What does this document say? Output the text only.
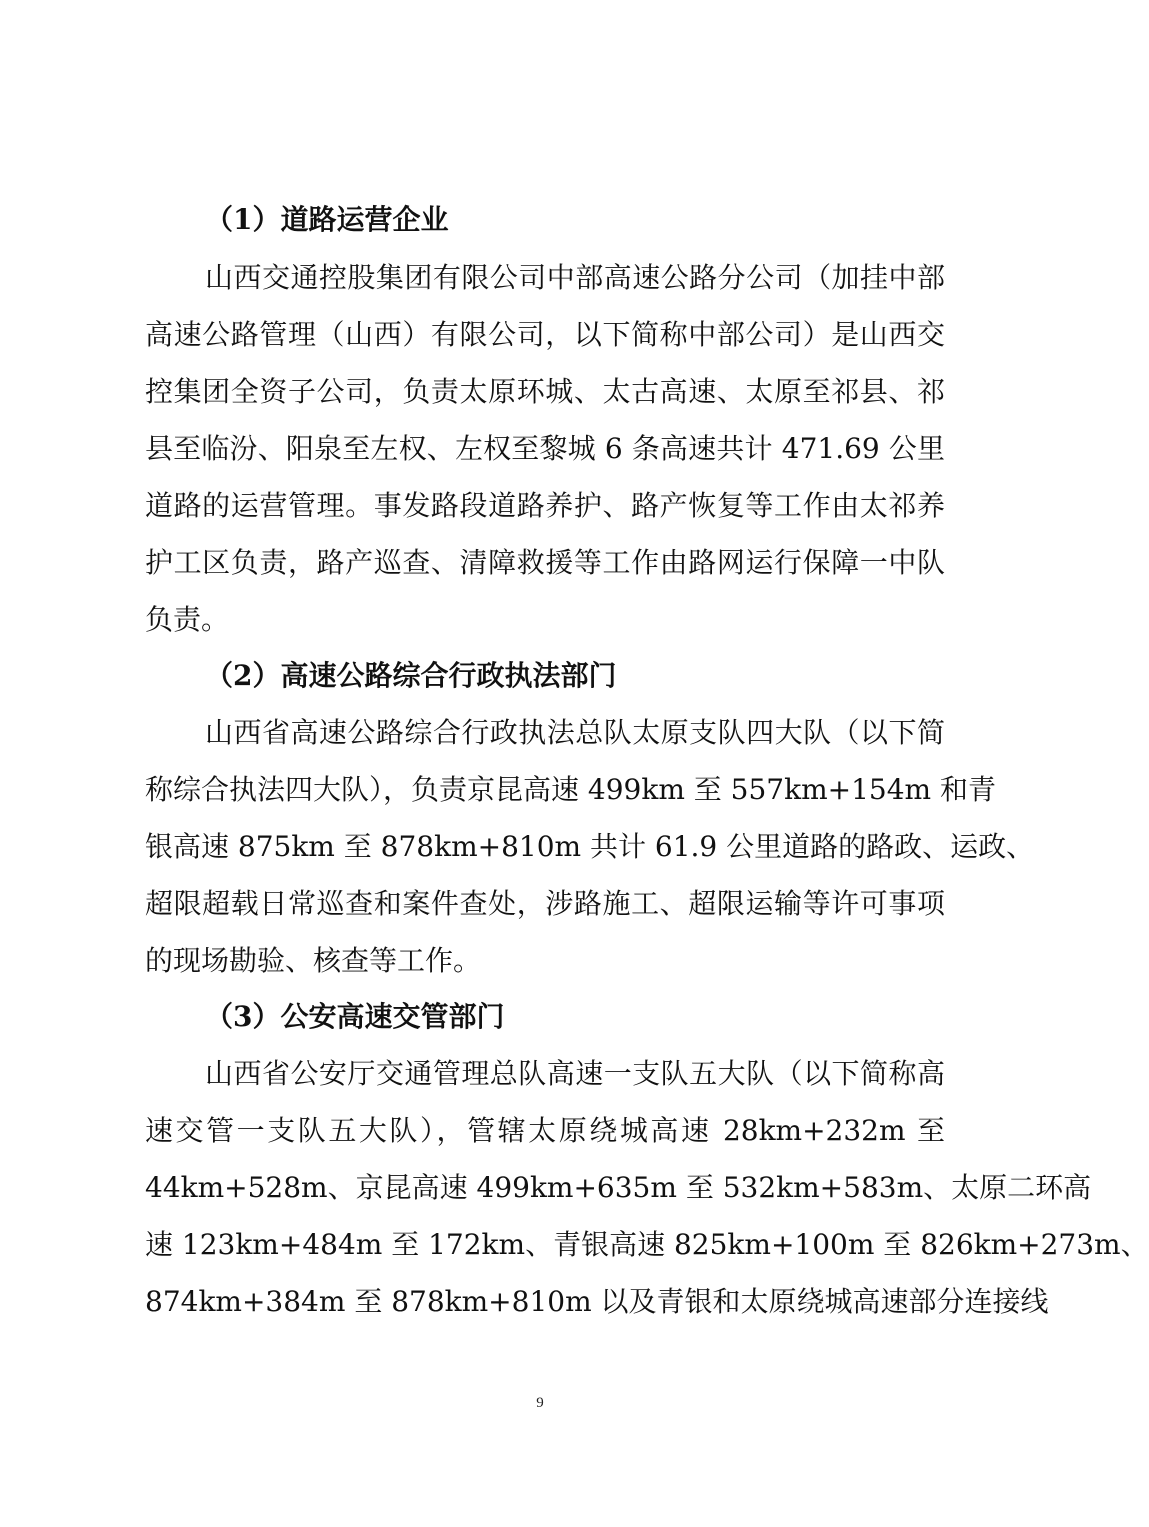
（1）道路运营企业
山西交通控股集团有限公司中部高速公路分公司（加挂中部
高速公路管理（山西）有限公司，以下简称中部公司）是山西交
控集团全资子公司，负责太原环城、太古高速、太原至祁县、祁
县至临汾、阳泉至左权、左权至黎城 6 条高速共计 471.69 公里
道路的运营管理。事发路段道路养护、路产恢复等工作由太祁养
护工区负责，路产巡查、清障救援等工作由路网运行保障一中队
负责。
（2）高速公路综合行政执法部门
山西省高速公路综合行政执法总队太原支队四大队（以下简
称综合执法四大队），负责京昆高速 499km 至 557km+154m 和青
银高速 875km 至 878km+810m 共计 61.9 公里道路的路政、运政、
超限超载日常巡查和案件查处，涉路施工、超限运输等许可事项
的现场勘验、核查等工作。
（3）公安高速交管部门
山西省公安厅交通管理总队高速一支队五大队（以下简称高
速交管一支队五大队），管辖太原绕城高速 28km+232m 至
44km+528m、京昆高速 499km+635m 至 532km+583m、太原二环高
速 123km+484m 至 172km、青银高速 825km+100m 至 826km+273m、
874km+384m 至 878km+810m 以及青银和太原绕城高速部分连接线
9
